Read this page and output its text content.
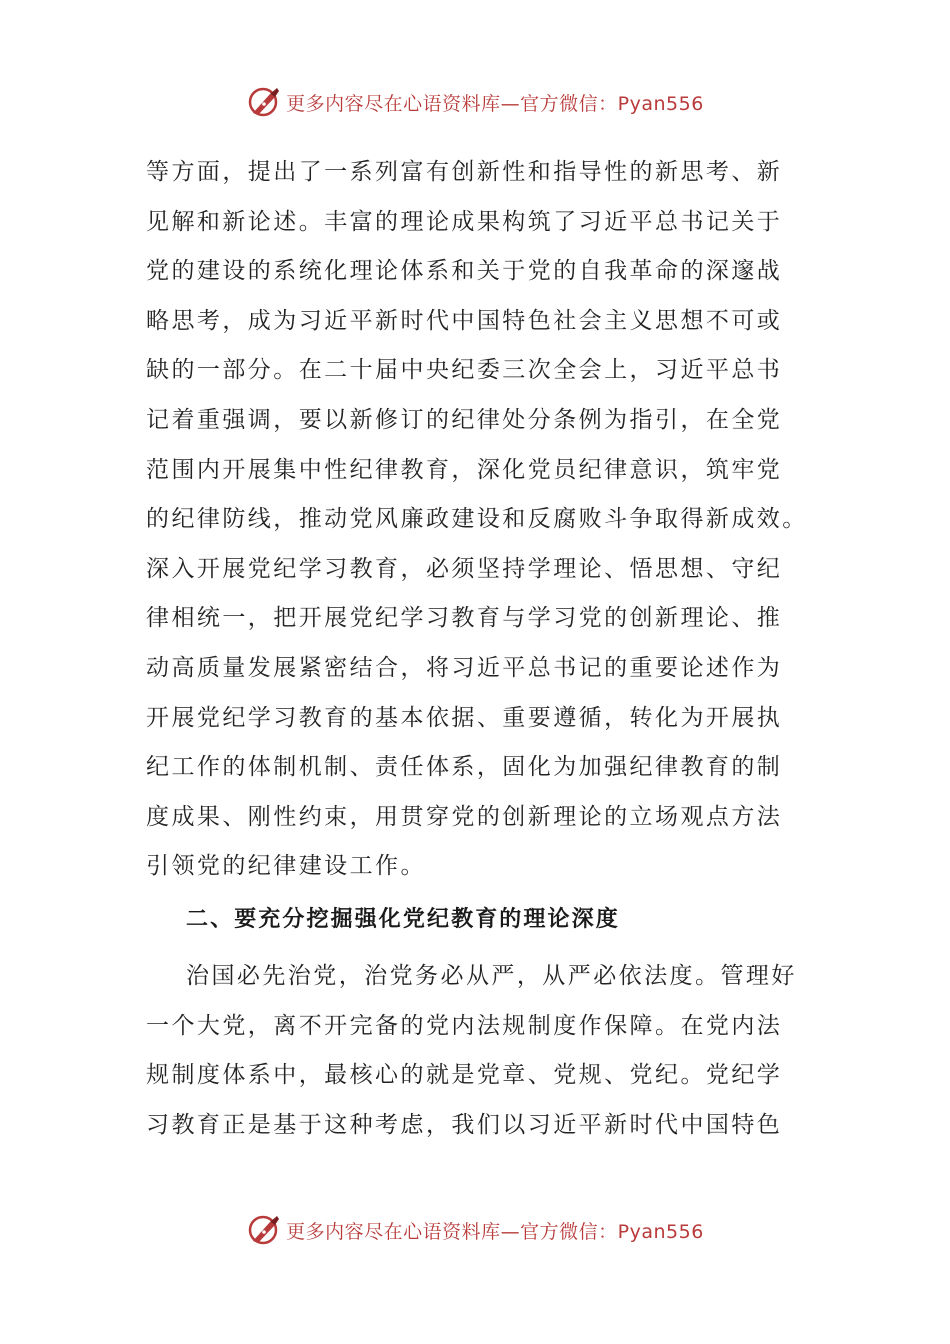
更多内容尽在心语资料库—官方微信：Pyan556
等方面，提出了一系列富有创新性和指导性的新思考、新
见解和新论述。丰富的理论成果构筑了习近平总书记关于
党的建设的系统化理论体系和关于党的自我革命的深邃战
略思考，成为习近平新时代中国特色社会主义思想不可或
缺的一部分。在二十届中央纪委三次全会上，习近平总书
记着重强调，要以新修订的纪律处分条例为指引，在全党
范围内开展集中性纪律教育，深化党员纪律意识，筑牢党
的纪律防线，推动党风廉政建设和反腐败斗争取得新成效。
深入开展党纪学习教育，必须坚持学理论、悟思想、守纪
律相统一，把开展党纪学习教育与学习党的创新理论、推
动高质量发展紧密结合，将习近平总书记的重要论述作为
开展党纪学习教育的基本依据、重要遵循，转化为开展执
纪工作的体制机制、责任体系，固化为加强纪律教育的制
度成果、刚性约束，用贯穿党的创新理论的立场观点方法
引领党的纪律建设工作。
二、要充分挖掘强化党纪教育的理论深度
治国必先治党，治党务必从严，从严必依法度。管理好
一个大党，离不开完备的党内法规制度作保障。在党内法
规制度体系中，最核心的就是党章、党规、党纪。党纪学
习教育正是基于这种考虑，我们以习近平新时代中国特色
更多内容尽在心语资料库—官方微信：Pyan556
